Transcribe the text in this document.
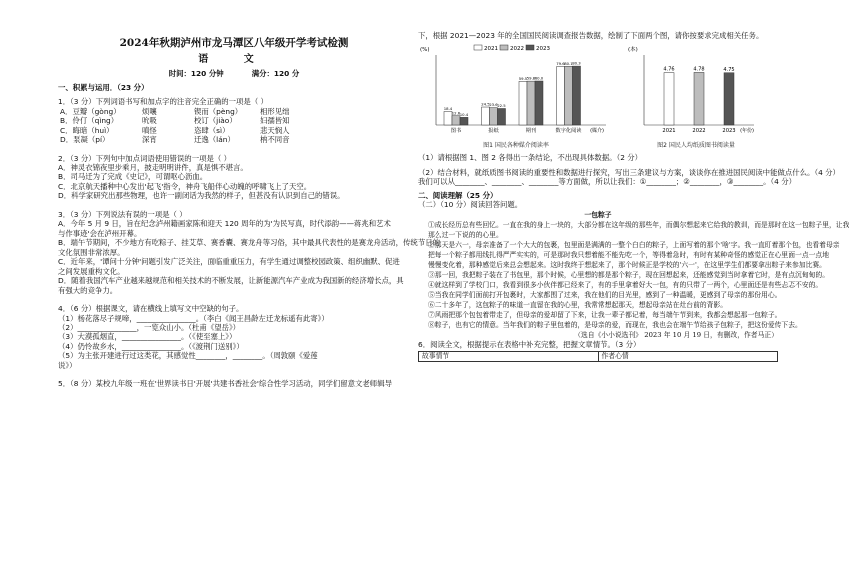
2024年秋期泸州市龙马潭区八年级开学考试检测
语 文
时间：120 分钟	满分：120 分
一、积累与运用．（23 分）
1．（3 分）下列词语书写和加点字的注音完全正确的一项是（ ）
A．豆瓣（gòng）	烦嚷	锲而（pèng）	相形见绌
B．伶仃（qìng）	吮吸	校订（jiào）	妇孺皆知
C．晦暗（huì）	嗔怪	恣肆（sì）	悲天悯人
D．泵凝（pí）	深宵	迁逸（lán）	枘不同音
2．（3 分）下列句中加点词语使用错误的一项是（ ）
A．神灵衣锦夜里步乘月，披走明明讲件，真是惧不堪言。
B．司马迁为了完成《史记》，可谓呕心沥血。
C．北京航天播种中心发出'起飞'指令，神舟飞船伴心动魄的呼啸飞上了天空。
D．科学家研究出那些物理，也许一副闭话为我然的样子，但甚没有认识到自己的错误。
3．（3 分）下列说法有误的一项是（ ）
A．今年 5 月 9 日，旨在纪念泸州籍画家陈和迎天 120 周年的为'为民写真，时代添韵——蒋兆和艺术
与作事迹'会在泸州开幕。
B．端午节期间，不少地方有吃粽子、挂艾草、赛香囊、赛龙舟等习俗，其中最具代表性的是赛龙舟活动，传统节日的
文化氛围非常浓厚。
C．近年来，'谭问十分钟'问题引发广泛关注，面临重重压力，有学生通过调整校园政策、组织幽默、促进
之间发展重构文化。
D．随着我国汽车产业越来越规范和相关技术的不断发展，让新能源汽车产业成为我国新的经济增长点，具
有强大的竞争力。
4．（6 分）根据课文，请在横线上填写文中空缺的句子。
（1）杨花落尽子规啼，________________。（李白《闻王昌龄左迁龙标遥有此寄》）
（2）________________，一览众山小。（杜甫《望岳》）
（3）大漠孤烟直，________________。（《使至塞上》）
（4）仍怜故乡水，________________。（《渡荆门送别》）
（5）为主张开建进行过这类花，其感觉性________，________。（周敦颐《爱莲
说》）
5．（8 分）某校九年级一班在'世界读书日'开展'共建书香社会'综合性学习活动，同学们留意文老师辑导
下，根据 2021—2023 年的全国国民阅读调查报告数据，绘制了下面两个图，请你按要求完成相关任务。
(%)	2021 2022 2023
18.4
12.6 10.4
图书
24.5 23.6 22.5
报纸
59.5 59.8 60.0
期刊
79.6 80.1 80.3
数字化阅读 (媒介)
图1 国民各种媒介阅读率
(本)
4.76
2021
4.78
2022
4.75
2023 (年份)
图2 国民人均纸质图书阅读量
（1）请根据图 1、图 2 各得出一条结论，不出现具体数据。（2 分）
（2）结合材料，就纸质图书阅读的重要性和数据进行探究，写出三条建议与方案，谈谈你在推进国民阅读中能做点什么。（4 分）
我们可以从________、________、________等方面做，所以让我们：①________；②________，③________。（4 分）
二、阅读理解（25 分）
（二）（10 分）阅读回答问题。
一包粽子
①成长经历总有些回忆。一直在我的身上一块的，大部分都在这年级的那些年，而偶尔想起来它给我的教训，而是那时在这一包粽子里，让我
那么过一下说的的心里。
②那天是六一，母亲准备了一个大大的包裹，包里面是满满的一整个白白的粽子，上面写着的那个'啥'字。我一直盯着那个包，也看着母亲
把每一个粽子都用线扎得严严实实的，可是那时我只想着能不能先吃一个，等得着急时，有时有某种奇怪的感觉正在心里面一点一点地
慢慢变化着，那种感觉后来总会想起来。这时我终于想起来了，那个时候正是学校的'六一'，在这里学生们都要拿出粽子来参加比赛。
③那一回，我把粽子装在了书包里，那个时候，心里想的都是那个粽子，现在回想起来，还能感觉到当时拿着它时，是有点沉甸甸的。
④就这样到了学校门口，我看到很多小伙伴都已经来了，有的手里拿着好大一包，有的只带了一两个，心里面还是有些忐忑不安的。
⑤当我在同学们面前打开包裹时，大家都围了过来，我在他们的目光里，感到了一种温暖，更感到了母亲的那份用心。
⑥二十多年了，这包粽子的味道一直留在我的心里，我常常想起那天，想起母亲站在灶台前的背影。
⑦风雨把那个包包着带走了，但母亲的爱却留了下来，让我一辈子都记着，每当端午节到来，我都会想起那一包粽子。
⑧粽子，也有它的情意。当年我们的粽子里包着的，是母亲的爱，而现在，我也会在端午节给孩子包粽子，把这份爱传下去。
（选自《小小说选刊》 2023 年 10 月 19 日，有删改，作者马正）
6．阅读全文，根据提示在表格中补充完整，把握文章情节。（3 分）
故事情节	作者心情
